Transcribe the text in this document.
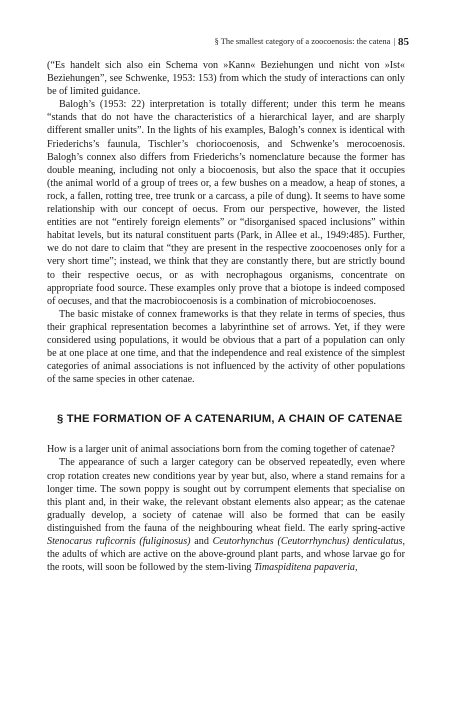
§ The smallest category of a zoocoenosis: the catena | 85

(“Es handelt sich also ein Schema von »Kann« Beziehungen und nicht von »Ist« Beziehungen”, see Schwenke, 1953: 153) from which the study of interactions can only be of limited guidance.

Balogh’s (1953: 22) interpretation is totally different; under this term he means “stands that do not have the characteristics of a hierarchical layer, and are sharply different smaller units”. In the lights of his examples, Balogh’s connex is identical with Friederichs’s faunula, Tischler’s choriocoenosis, and Schwenke’s merocoenosis. Balogh’s connex also differs from Friederichs’s nomenclature because the former has double meaning, including not only a biocoenosis, but also the space that it occupies (the animal world of a group of trees or, a few bushes on a meadow, a heap of stones, a rock, a fallen, rotting tree, tree trunk or a carcass, a pile of dung). It seems to have some relationship with our concept of oecus. From our perspective, however, the listed entities are not “entirely foreign elements” or “disorganised spaced inclusions” within habitat levels, but its natural constituent parts (Park, in Allee et al., 1949:485). Further, we do not dare to claim that “they are present in the respective zoocoenoses only for a very short time”; instead, we think that they are constantly there, but are strictly bound to their respective oecus, or as with necrophagous organisms, concentrate on appropriate food source. These examples only prove that a biotope is indeed composed of oecuses, and that the macrobiocoenosis is a combination of microbiocoenoses.

The basic mistake of connex frameworks is that they relate in terms of species, thus their graphical representation becomes a labyrinthine set of arrows. Yet, if they were considered using populations, it would be obvious that a part of a population can only be at one place at one time, and that the independence and real existence of the simplest categories of animal associations is not influenced by the activity of other populations of the same species in other catenae.

§ THE FORMATION OF A CATENARIUM, A CHAIN OF CATENAE

How is a larger unit of animal associations born from the coming together of catenae?

The appearance of such a larger category can be observed repeatedly, even where crop rotation creates new conditions year by year but, also, where a stand remains for a longer time. The sown poppy is sought out by corrumpent elements that specialise on this plant and, in their wake, the relevant obstant elements also appear; as the catenae gradually develop, a society of catenae will also be formed that can be easily distinguished from the fauna of the neighbouring wheat field. The early spring-active Stenocarus ruficornis (fuliginosus) and Ceutorhynchus (Ceutorrhynchus) denticulatus, the adults of which are active on the above-ground plant parts, and whose larvae go for the roots, will soon be followed by the stem-living Timaspiditena papaveria,
